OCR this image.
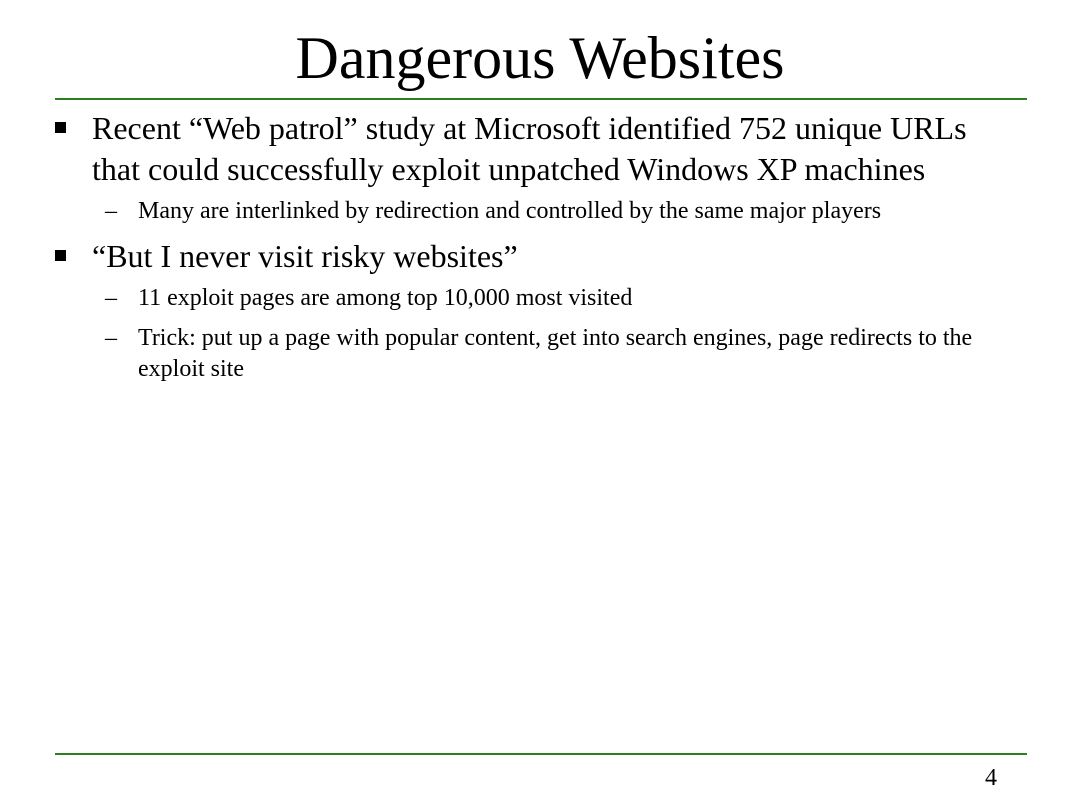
Dangerous Websites
Recent “Web patrol” study at Microsoft identified 752 unique URLs that could successfully exploit unpatched Windows XP machines
– Many are interlinked by redirection and controlled by the same major players
“But I never visit risky websites”
– 11 exploit pages are among top 10,000 most visited
– Trick: put up a page with popular content, get into search engines, page redirects to the exploit site
4
